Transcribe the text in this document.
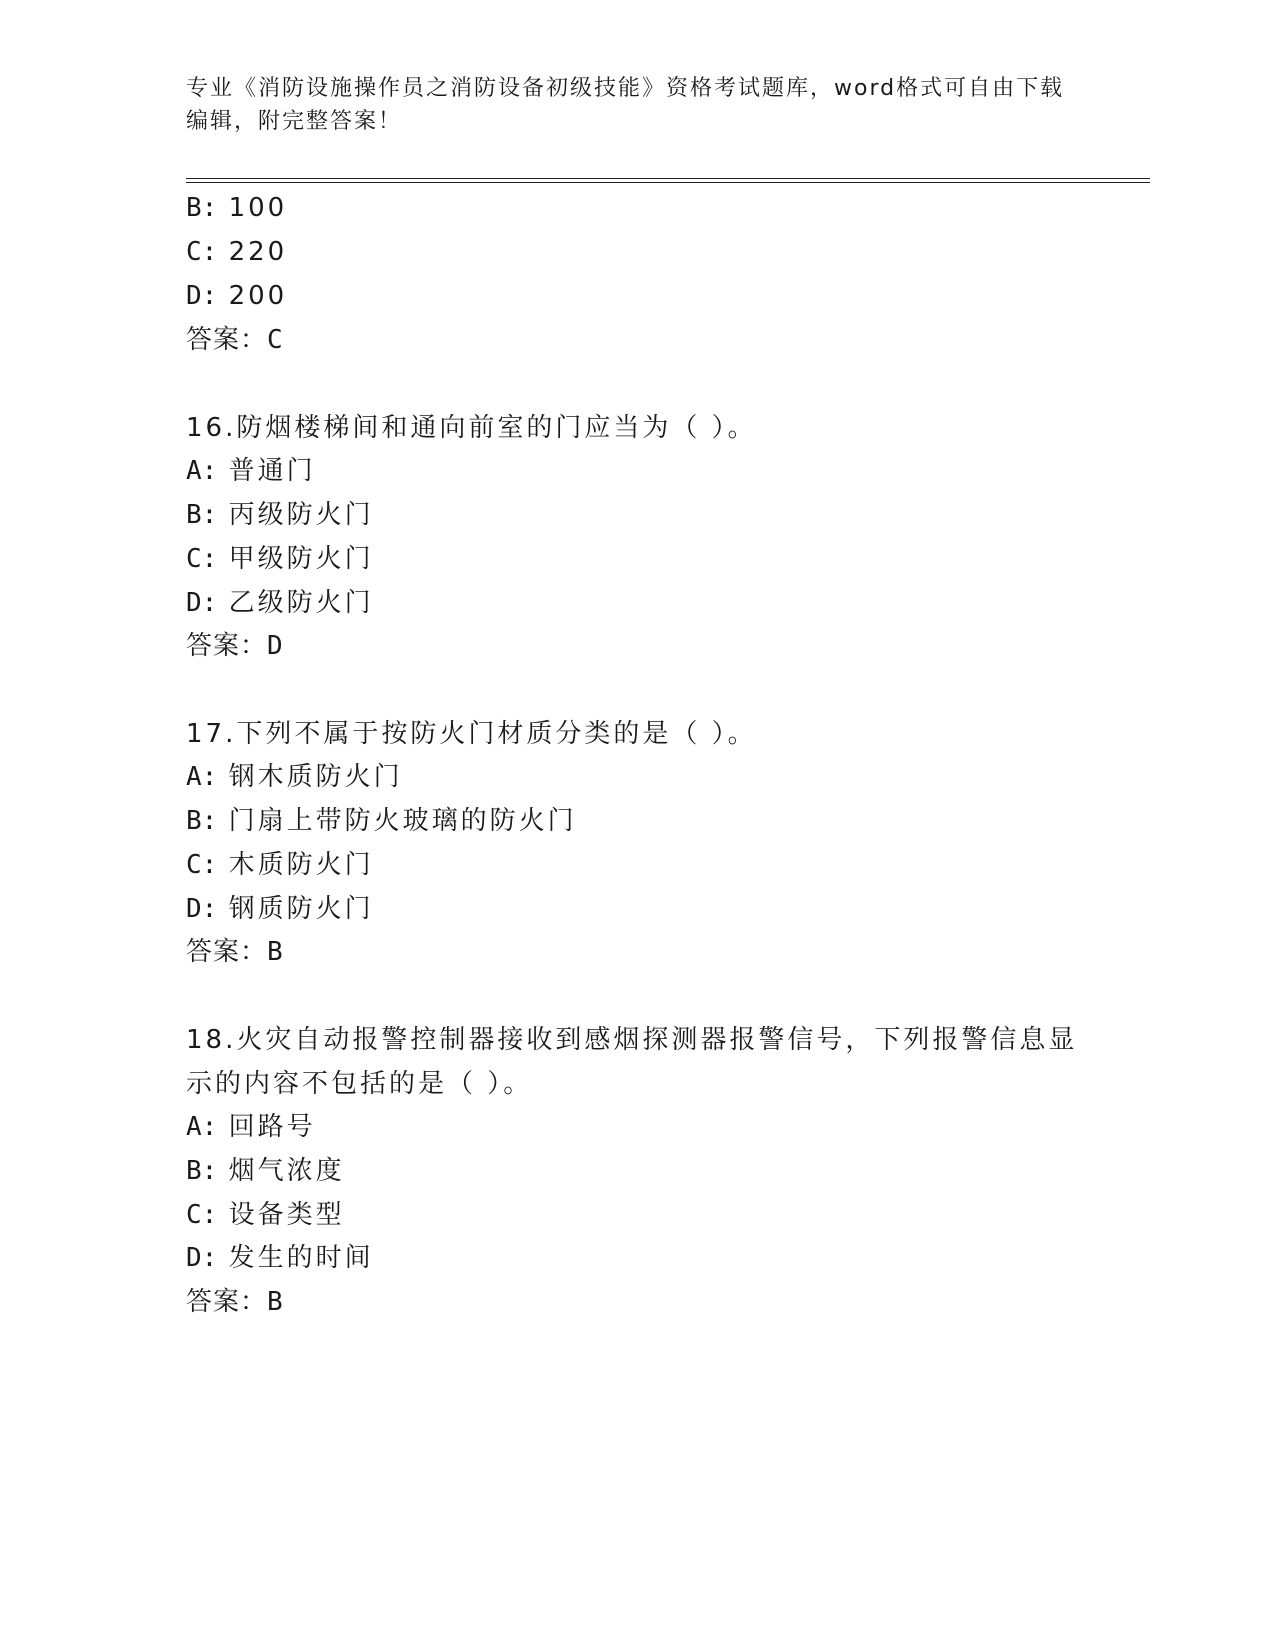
专业《消防设施操作员之消防设备初级技能》资格考试题库，word格式可自由下载编辑，附完整答案！
B: 100
C: 220
D: 200
答案：C
16.防烟楼梯间和通向前室的门应当为（ ）。
A: 普通门
B: 丙级防火门
C: 甲级防火门
D: 乙级防火门
答案：D
17.下列不属于按防火门材质分类的是（ ）。
A: 钢木质防火门
B: 门扇上带防火玻璃的防火门
C: 木质防火门
D: 钢质防火门
答案：B
18.火灾自动报警控制器接收到感烟探测器报警信号，下列报警信息显
示的内容不包括的是（ ）。
A: 回路号
B: 烟气浓度
C: 设备类型
D: 发生的时间
答案：B
